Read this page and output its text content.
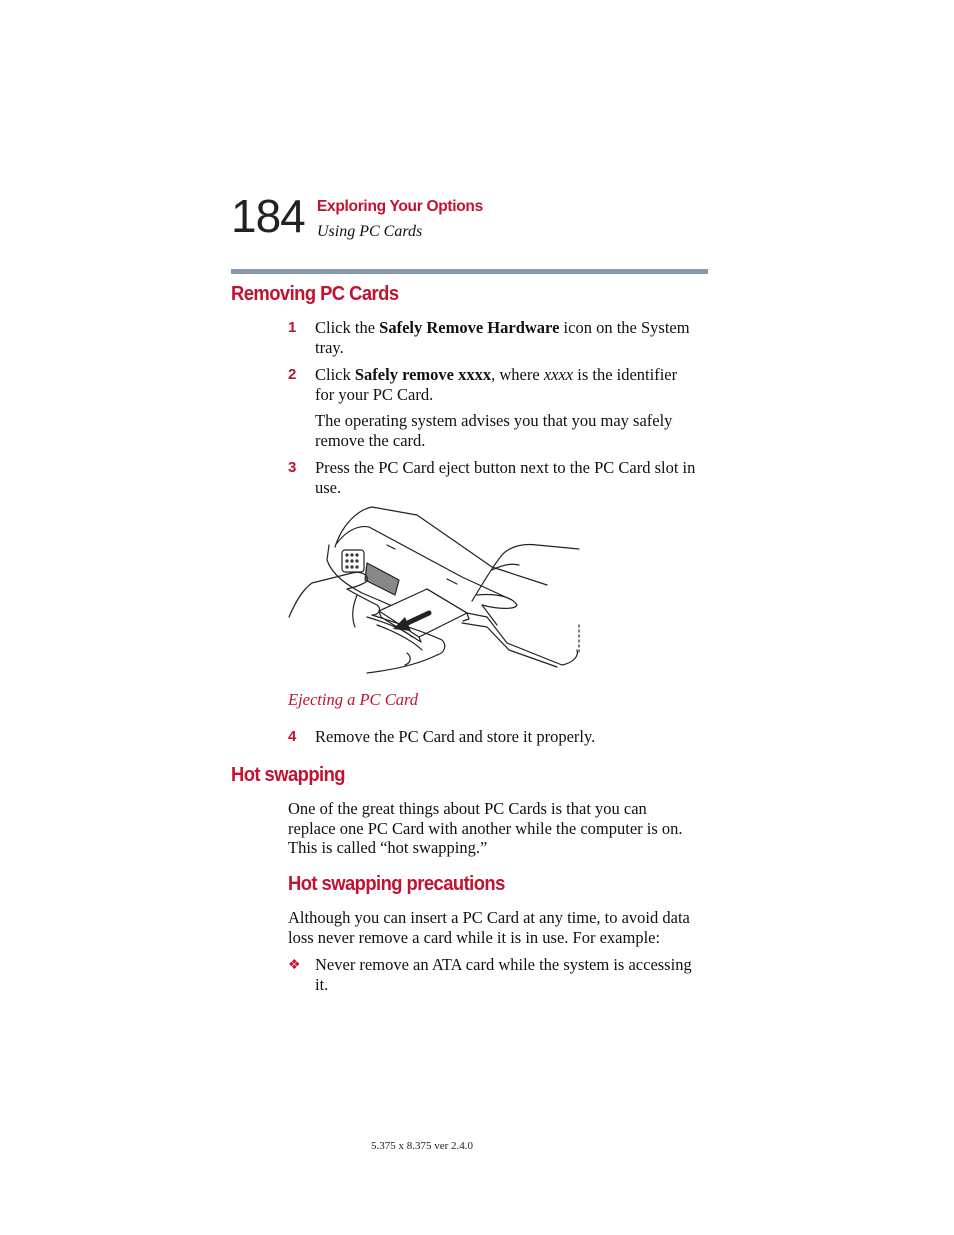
184 Exploring Your Options
Using PC Cards
Removing PC Cards
1 Click the Safely Remove Hardware icon on the System
tray.
2 Click Safely remove xxxx, where xxxx is the identifier
for your PC Card.
The operating system advises you that you may safely
remove the card.
3 Press the PC Card eject button next to the PC Card slot in
use.
Ejecting a PC Card
4 Remove the PC Card and store it properly.
Hot swapping
One of the great things about PC Cards is that you can
replace one PC Card with another while the computer is on.
This is called “hot swapping.”
Hot swapping precautions
Although you can insert a PC Card at any time, to avoid data
loss never remove a card while it is in use. For example:
❖ Never remove an ATA card while the system is accessing
it.
5.375 x 8.375 ver 2.4.0
